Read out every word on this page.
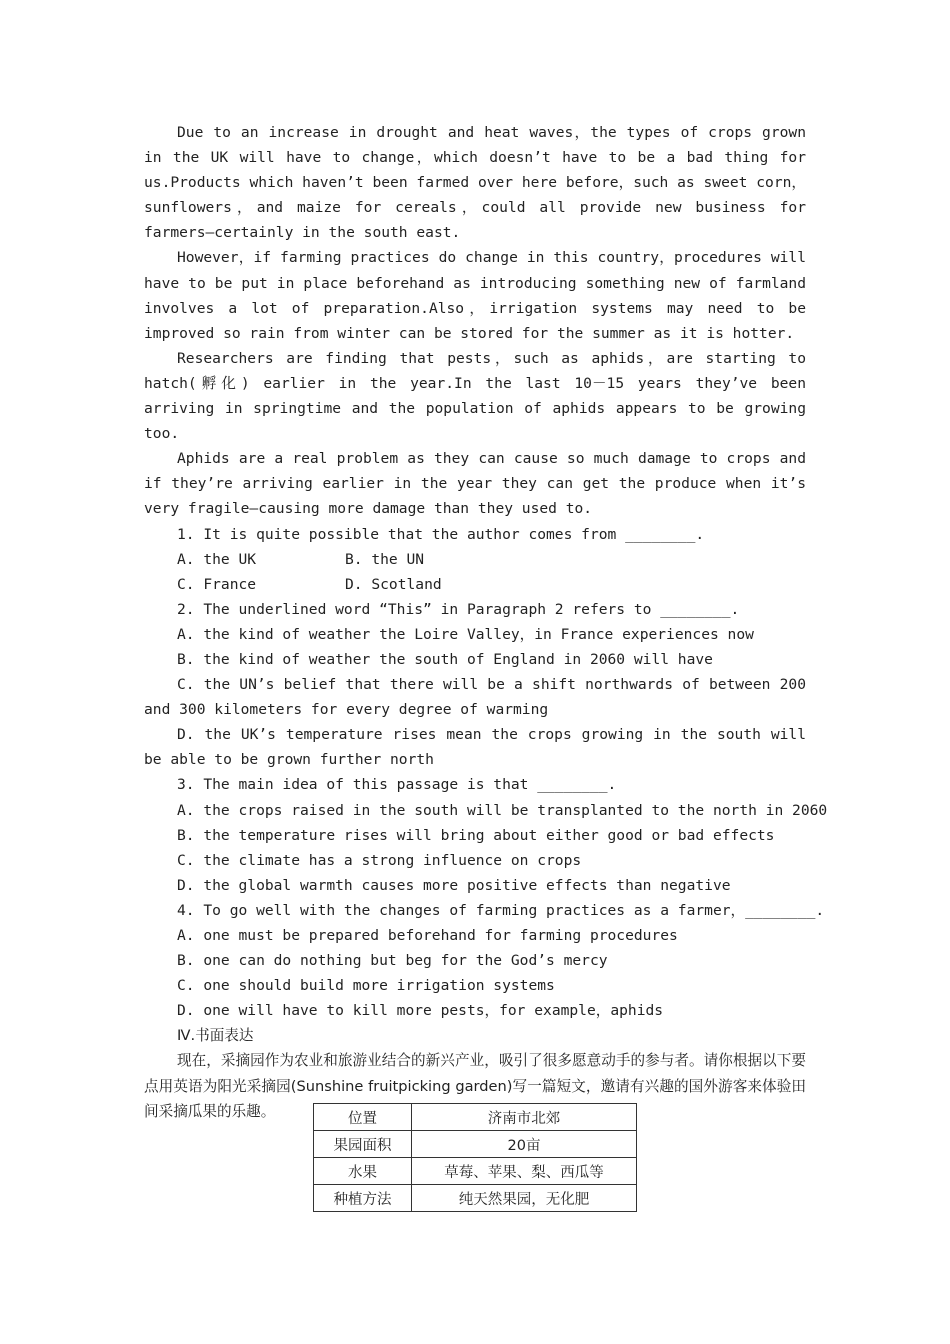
Due to an increase in drought and heat waves，the types of crops grown in the UK will have to change，which doesn’t have to be a bad thing for us.Products which haven’t been farmed over here before，such as sweet corn，sunflowers，and maize for cereals，could all provide new business for farmers—certainly in the south east.

However，if farming practices do change in this country，procedures will have to be put in place beforehand as introducing something new of farmland involves a lot of preparation.Also，irrigation systems may need to be improved so rain from winter can be stored for the summer as it is hotter.

Researchers are finding that pests，such as aphids，are starting to hatch(孵化) earlier in the year.In the last 10－15 years they’ve been arriving in springtime and the population of aphids appears to be growing too.

Aphids are a real problem as they can cause so much damage to crops and if they’re arriving earlier in the year they can get the produce when it’s very fragile—causing more damage than they used to.

1. It is quite possible that the author comes from ________.

A. the UK	B. the UN

C. France	D. Scotland

2. The underlined word “This” in Paragraph 2 refers to ________.

A. the kind of weather the Loire Valley，in France experiences now

B. the kind of weather the south of England in 2060 will have

C. the UN’s belief that there will be a shift northwards of between 200 and 300 kilometers for every degree of warming

D. the UK’s temperature rises mean the crops growing in the south will be able to be grown further north

3. The main idea of this passage is that ________.

A. the crops raised in the south will be transplanted to the north in 2060

B. the temperature rises will bring about either good or bad effects

C. the climate has a strong influence on crops

D. the global warmth causes more positive effects than negative

4. To go well with the changes of farming practices as a farmer，________.

A. one must be prepared beforehand for farming procedures

B. one can do nothing but beg for the God’s mercy

C. one should build more irrigation systems

D. one will have to kill more pests，for example，aphids

Ⅳ.书面表达

现在，采摘园作为农业和旅游业结合的新兴产业，吸引了很多愿意动手的参与者。请你根据以下要点用英语为阳光采摘园(Sunshine fruitpicking garden)写一篇短文，邀请有兴趣的国外游客来体验田间采摘瓜果的乐趣。	位置	济南市北郊
果园面积	20亩
水果	草莓、苹果、梨、西瓜等
种植方法	纯天然果园，无化肥
